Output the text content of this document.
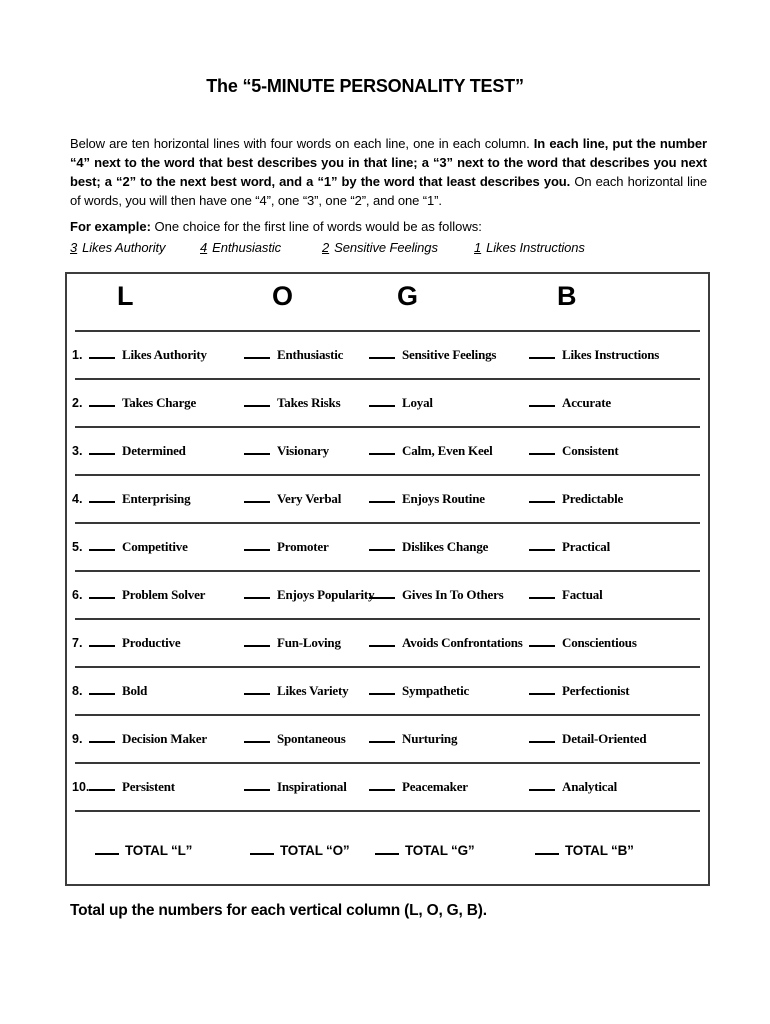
The “5-MINUTE PERSONALITY TEST”
Below are ten horizontal lines with four words on each line, one in each column. In each line, put the number “4” next to the word that best describes you in that line; a “3” next to the word that describes you next best; a “2” to the next best word, and a “1” by the word that least describes you. On each horizontal line of words, you will then have one “4”, one “3”, one “2”, and one “1”.
For example: One choice for the first line of words would be as follows:
3 Likes Authority	4 Enthusiastic	2 Sensitive Feelings	1 Likes Instructions
L	O	G	B
1.	Likes Authority	Enthusiastic	Sensitive Feelings	Likes Instructions
2.	Takes Charge	Takes Risks	Loyal	Accurate
3.	Determined	Visionary	Calm, Even Keel	Consistent
4.	Enterprising	Very Verbal	Enjoys Routine	Predictable
5.	Competitive	Promoter	Dislikes Change	Practical
6.	Problem Solver	Enjoys Popularity	Gives In To Others	Factual
7.	Productive	Fun-Loving	Avoids Confrontations	Conscientious
8.	Bold	Likes Variety	Sympathetic	Perfectionist
9.	Decision Maker	Spontaneous	Nurturing	Detail-Oriented
10.	Persistent	Inspirational	Peacemaker	Analytical
TOTAL “L”	TOTAL “O”	TOTAL “G”	TOTAL “B”
Total up the numbers for each vertical column (L, O, G, B).
